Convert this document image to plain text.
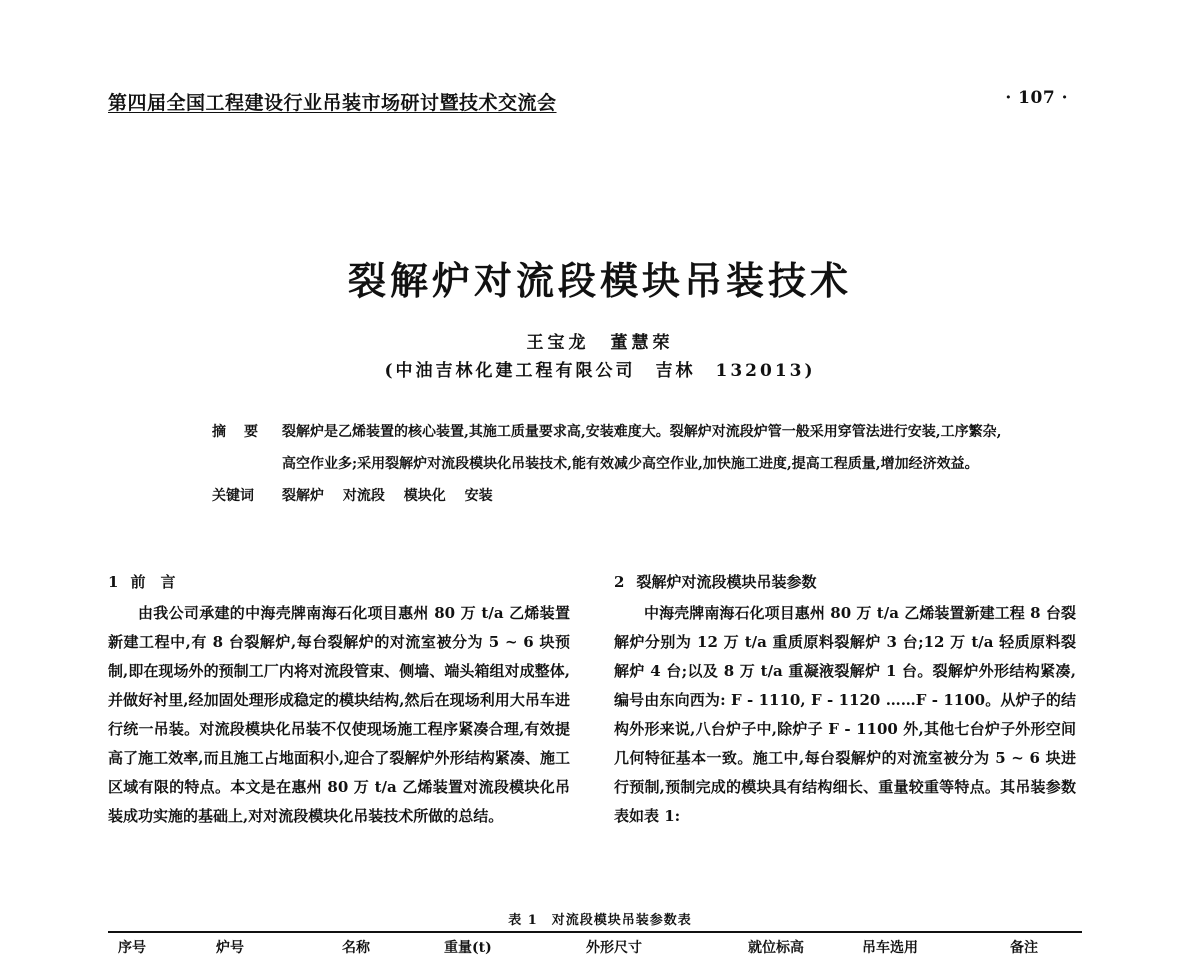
第四届全国工程建设行业吊装市场研讨暨技术交流会	· 107 ·
裂解炉对流段模块吊装技术
王宝龙　董慧荣
(中油吉林化建工程有限公司　吉林　132013)
摘要 裂解炉是乙烯装置的核心装置,其施工质量要求高,安装难度大。裂解炉对流段炉管一般采用穿管法进行安装,工序繁杂,高空作业多;采用裂解炉对流段模块化吊装技术,能有效减少高空作业,加快施工进度,提高工程质量,增加经济效益。
关键词	裂解炉 对流段 模块化 安装
1 前　言

由我公司承建的中海壳牌南海石化项目惠州 80 万 t/a 乙烯装置新建工程中,有 8 台裂解炉,每台裂解炉的对流室被分为 5 ~ 6 块预制,即在现场外的预制工厂内将对流段管束、侧墙、端头箱组对成整体,并做好衬里,经加固处理形成稳定的模块结构,然后在现场利用大吊车进行统一吊装。对流段模块化吊装不仅使现场施工程序紧凑合理,有效提高了施工效率,而且施工占地面积小,迎合了裂解炉外形结构紧凑、施工区域有限的特点。本文是在惠州 80 万 t/a 乙烯装置对流段模块化吊装成功实施的基础上,对对流段模块化吊装技术所做的总结。

2 裂解炉对流段模块吊装参数

中海壳牌南海石化项目惠州 80 万 t/a 乙烯装置新建工程 8 台裂解炉分别为 12 万 t/a 重质原料裂解炉 3 台;12 万 t/a 轻质原料裂解炉 4 台;以及 8 万 t/a 重凝液裂解炉 1 台。裂解炉外形结构紧凑,编号由东向西为: F - 1110, F - 1120 ……F - 1100。从炉子的结构外形来说,八台炉子中,除炉子 F - 1100 外,其他七台炉子外形空间几何特征基本一致。施工中,每台裂解炉的对流室被分为 5 ~ 6 块进行预制,预制完成的模块具有结构细长、重量较重等特点。其吊装参数表如表 1:

表 1 对流段模块吊装参数表
序号	炉号	名称	重量(t)	外形尺寸	就位标高	吊车选用	备注
